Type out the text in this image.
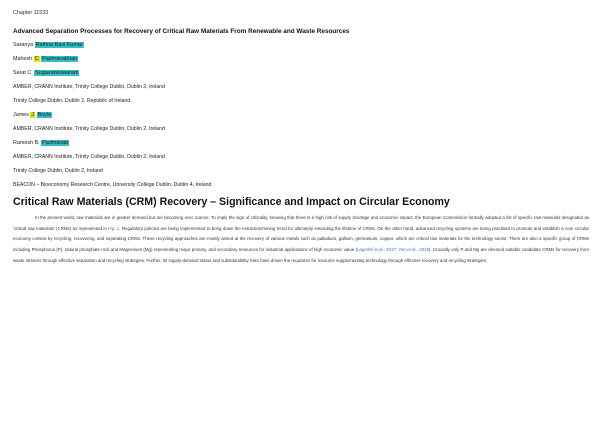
Chapter 11533
Advanced Separation Processes for Recovery of Critical Raw Materials From Renewable and Waste Resources
Saranya Rathna Ravi Kumar
Mahesh C Padmanabhan
Sarat C. Sugavaneswaram
AMBER, CRANN Institute, Trinity College Dublin, Dublin 2, Ireland
Trinity College Dublin, Dublin 2, Republic of Ireland
James J Boyle
AMBER, CRANN Institute, Trinity College Dublin, Dublin 2, Ireland
Ramesh B. Padmanab
AMBER, CRANN Institute, Trinity College Dublin, Dublin 2, Ireland
Trinity College Dublin, Dublin 2, Ireland
BEACON – Bioeconomy Research Centre, University College Dublin, Dublin 4, Ireland
Critical Raw Materials (CRM) Recovery – Significance and Impact on Circular Economy

In the present world, raw materials are in greater demand but are becoming ever scarcer. To imply the sign of criticality, knowing that there is a high risk of supply shortage and economic impact, the European Commission formally adopted a list of specific raw materials designated as 'critical raw materials' (CRMs) as represented in Fig. 1. Regulatory policies are being implemented to bring down the extraction/mining trend for ultimately extending the lifetime of CRMs. On the other hand, advanced recycling systems are being practised to promote and establish a core circular economy context by recycling, recovering, and separating CRMs. These recycling approaches are mostly aimed at the recovery of various metals such as palladium, gallium, germanium, copper, which are critical raw materials for the technology sector. There are also a specific group of CRMs including Phosphorus (P), natural phosphate rock and Magnesium (Mg) representing major primary, and secondary resources for industrial applications of high economic value (Lagerlöf et al., 2017; Yan et al., 2018). Crucially only P and Mg are deemed suitable candidate CRMs for recovery from waste streams through effective separation and recycling strategies. Further, its supply-demand status and substitutability risks have driven the requisites for resource supplementing technology through effective recovery and recycling strategies.
